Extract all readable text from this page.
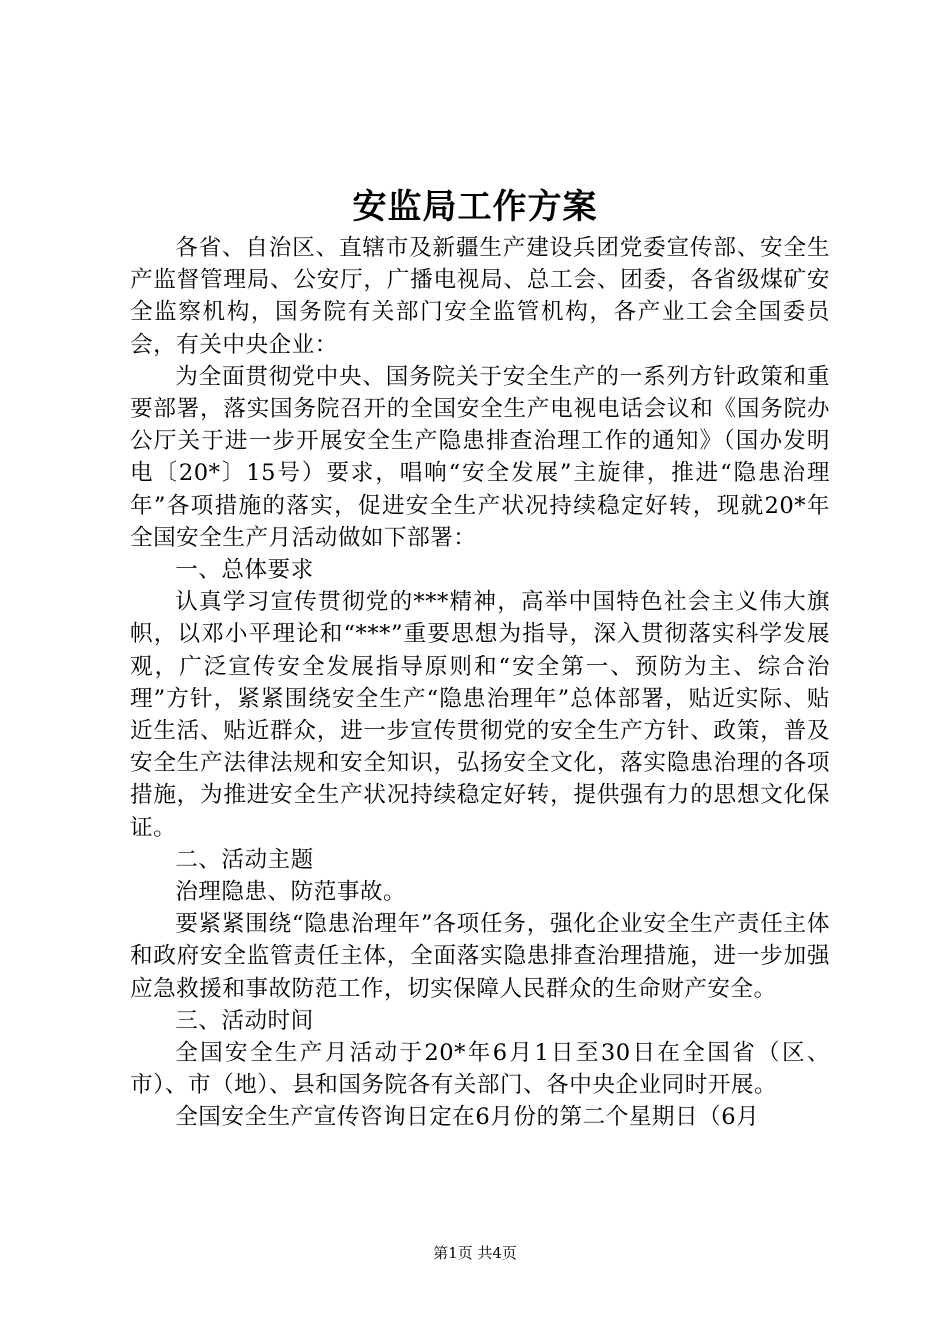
安监局工作方案

各省、自治区、直辖市及新疆生产建设兵团党委宣传部、安全生产监督管理局、公安厅，广播电视局、总工会、团委，各省级煤矿安全监察机构，国务院有关部门安全监管机构，各产业工会全国委员会，有关中央企业：

为全面贯彻党中央、国务院关于安全生产的一系列方针政策和重要部署，落实国务院召开的全国安全生产电视电话会议和《国务院办公厅关于进一步开展安全生产隐患排查治理工作的通知》（国办发明电〔20*〕15号）要求，唱响“安全发展”主旋律，推进“隐患治理年”各项措施的落实，促进安全生产状况持续稳定好转，现就20*年全国安全生产月活动做如下部署：

一、总体要求

认真学习宣传贯彻党的***精神，高举中国特色社会主义伟大旗帜，以邓小平理论和“***”重要思想为指导，深入贯彻落实科学发展观，广泛宣传安全发展指导原则和“安全第一、预防为主、综合治理”方针，紧紧围绕安全生产“隐患治理年”总体部署，贴近实际、贴近生活、贴近群众，进一步宣传贯彻党的安全生产方针、政策，普及安全生产法律法规和安全知识，弘扬安全文化，落实隐患治理的各项措施，为推进安全生产状况持续稳定好转，提供强有力的思想文化保证。

二、活动主题

治理隐患、防范事故。

要紧紧围绕“隐患治理年”各项任务，强化企业安全生产责任主体和政府安全监管责任主体，全面落实隐患排查治理措施，进一步加强应急救援和事故防范工作，切实保障人民群众的生命财产安全。

三、活动时间

全国安全生产月活动于20*年6月1日至30日在全国省（区、市）、市（地）、县和国务院各有关部门、各中央企业同时开展。

全国安全生产宣传咨询日定在6月份的第二个星期日（6月

第1页 共4页
